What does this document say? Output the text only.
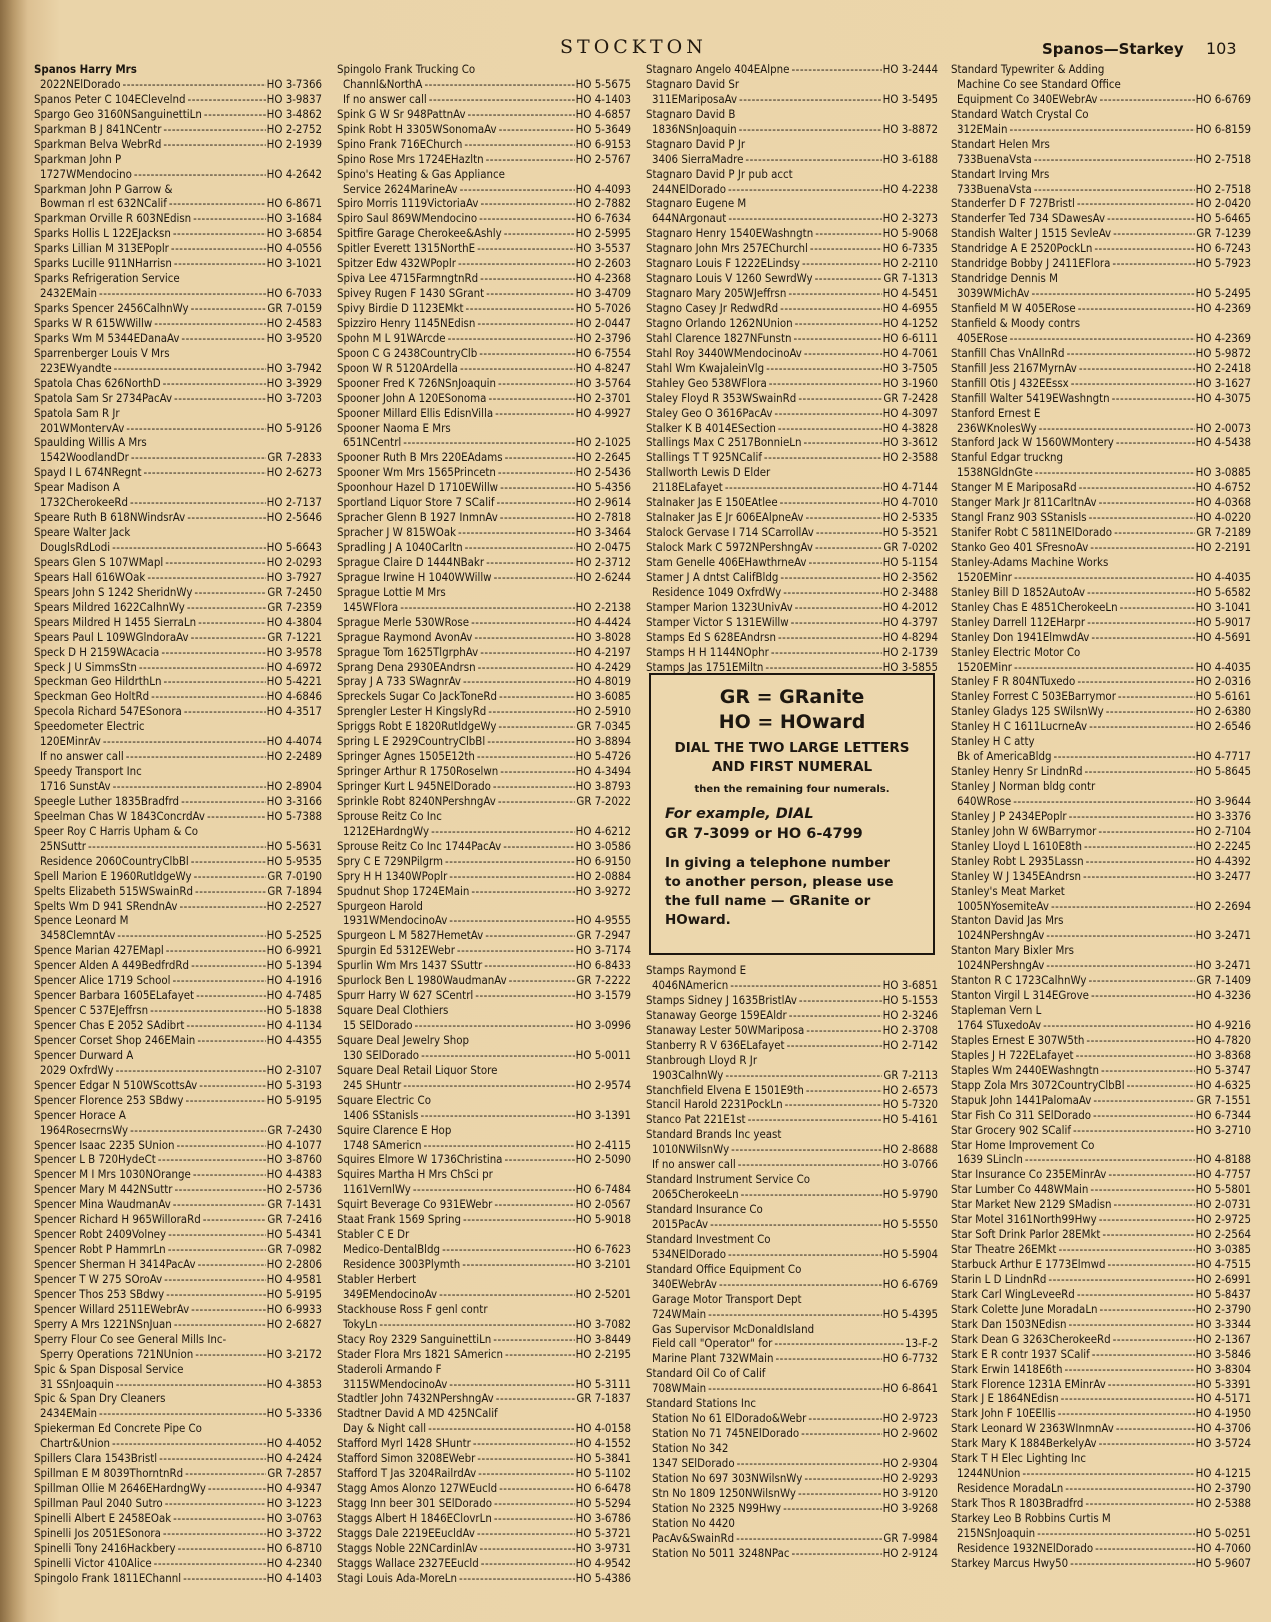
STOCKTON	Spanos—Starkey 103
Spanos Harry Mrs
2022NElDorado -----	HO 3-7366
Spanos Peter C 104EClevelnd -----	HO 3-9837
Spargo Geo 3160NSanguinettiLn -----	HO 3-4862
Sparkman B J 841NCentr -----	HO 2-2752
Sparkman Belva WebrRd -----	HO 2-1939
Sparkman John P
1727WMendocino -----	HO 4-2642
Sparkman John P Garrow &
Bowman rl est 632NCalif -----	HO 6-8671
Sparkman Orville R 603NEdisn -----	HO 3-1684
Sparks Hollis L 122EJacksn -----	HO 3-6854
Sparks Lillian M 313EPoplr -----	HO 4-0556
Sparks Lucille 911NHarrisn -----	HO 3-1021
Sparks Refrigeration Service
2432EMain -----	HO 6-7033
Sparks Spencer 2456CalhnWy -----	GR 7-0159
Sparks W R 615WWillw -----	HO 2-4583
Sparks Wm M 5344EDanaAv -----	HO 3-9520
Sparrenberger Louis V Mrs
223EWyandte -----	HO 3-7942
Spatola Chas 626NorthD -----	HO 3-3929
Spatola Sam Sr 2734PacAv -----	HO 3-7203
Spatola Sam R Jr
201WMontervAv -----	HO 5-9126
Spaulding Willis A Mrs
1542WoodlandDr -----	GR 7-2833
Spayd I L 674NRegnt -----	HO 2-6273
Spear Madison A
1732CherokeeRd -----	HO 2-7137
Speare Ruth B 618NWindsrAv -----	HO 2-5646
Speare Walter Jack
DouglsRdLodi -----	HO 5-6643
Spears Glen S 107WMapl -----	HO 2-0293
Spears Hall 616WOak -----	HO 3-7927
Spears John S 1242 SheridnWy -----	GR 7-2450
Spears Mildred 1622CalhnWy -----	GR 7-2359
Spears Mildred H 1455 SierraLn -----	HO 4-3804
Spears Paul L 109WGlndoraAv -----	GR 7-1221
Speck D H 2159WAcacia -----	HO 3-9578
Speck J U SimmsStn -----	HO 4-6972
Speckman Geo HildrthLn -----	HO 5-4221
Speckman Geo HoltRd -----	HO 4-6846
Specola Richard 547ESonora -----	HO 4-3517
Speedometer Electric
120EMinrAv -----	HO 4-4074
If no answer call -----	HO 2-2489
Speedy Transport Inc
1716 SunstAv -----	HO 2-8904
Speegle Luther 1835Bradfrd -----	HO 3-3166
Speelman Chas W 1843ConcrdAv -----	HO 5-7388
Speer Roy C Harris Upham & Co
25NSuttr -----	HO 5-5631
Residence 2060CountryClbBl -----	HO 5-9535
Spell Marion E 1960RutldgeWy -----	GR 7-0190
Spelts Elizabeth 515WSwainRd -----	GR 7-1894
Spelts Wm D 941 SRendnAv -----	HO 2-2527
Spence Leonard M
3458ClemntAv -----	HO 5-2525
Spence Marian 427EMapl -----	HO 6-9921
Spencer Alden A 449BedfrdRd -----	HO 5-1394
Spencer Alice 1719 School -----	HO 4-1916
Spencer Barbara 1605ELafayet -----	HO 4-7485
Spencer C 537EJeffrsn -----	HO 5-1838
Spencer Chas E 2052 SAdibrt -----	HO 4-1134
Spencer Corset Shop 246EMain -----	HO 4-4355
Spencer Durward A
2029 OxfrdWy -----	HO 2-3107
Spencer Edgar N 510WScottsAv -----	HO 5-3193
Spencer Florence 253 SBdwy -----	HO 5-9195
Spencer Horace A
1964RosecrnsWy -----	GR 7-2430
Spencer Isaac 2235 SUnion -----	HO 4-1077
Spencer L B 720HydeCt -----	HO 3-8760
Spencer M I Mrs 1030NOrange -----	HO 4-4383
Spencer Mary M 442NSuttr -----	HO 2-5736
Spencer Mina WaudmanAv -----	GR 7-1431
Spencer Richard H 965WilloraRd -----	GR 7-2416
Spencer Robt 2409Volney -----	HO 5-4341
Spencer Robt P HammrLn -----	GR 7-0982
Spencer Sherman H 3414PacAv -----	HO 2-2806
Spencer T W 275 SOroAv -----	HO 4-9581
Spencer Thos 253 SBdwy -----	HO 5-9195
Spencer Willard 2511EWebrAv -----	HO 6-9933
Sperry A Mrs 1221NSnJuan -----	HO 2-6827
Sperry Flour Co see General Mills Inc-
Sperry Operations 721NUnion -----	HO 3-2172
Spic & Span Disposal Service
31 SSnJoaquin -----	HO 4-3853
Spic & Span Dry Cleaners
2434EMain -----	HO 5-3336
Spiekerman Ed Concrete Pipe Co
Chartr&Union -----	HO 4-4052
Spillers Clara 1543Bristl -----	HO 4-2424
Spillman E M 8039ThorntnRd -----	GR 7-2857
Spillman Ollie M 2646EHardngWy -----	HO 4-9347
Spillman Paul 2040 Sutro -----	HO 3-1223
Spinelli Albert E 2458EOak -----	HO 3-0763
Spinelli Jos 2051ESonora -----	HO 3-3722
Spinelli Tony 2416Hackbery -----	HO 6-8710
Spinelli Victor 410Alice -----	HO 4-2340
Spingolo Frank 1811EChannl -----	HO 4-1403
Spingolo Frank Trucking Co
Channl&NorthA -----	HO 5-5675
If no answer call -----	HO 4-1403
Spink G W Sr 948PattnAv -----	HO 4-6857
Spink Robt H 3305WSonomaAv -----	HO 5-3649
Spino Frank 716EChurch -----	HO 6-9153
Spino Rose Mrs 1724EHazltn -----	HO 2-5767
Spino's Heating & Gas Appliance
Service 2624MarineAv -----	HO 4-4093
Spiro Morris 1119VictoriaAv -----	HO 2-7882
Spiro Saul 869WMendocino -----	HO 6-7634
Spitfire Garage Cherokee&Ashly -----	HO 2-5995
Spitler Everett 1315NorthE -----	HO 3-5537
Spitzer Edw 432WPoplr -----	HO 2-2603
Spiva Lee 4715FarmngtnRd -----	HO 4-2368
Spivey Rugen F 1430 SGrant -----	HO 3-4709
Spivy Birdie D 1123EMkt -----	HO 5-7026
Spizziro Henry 1145NEdisn -----	HO 2-0447
Spohn M L 91WArcde -----	HO 2-3796
Spoon C G 2438CountryClb -----	HO 6-7554
Spoon W R 5120Ardella -----	HO 4-8247
Spooner Fred K 726NSnJoaquin -----	HO 3-5764
Spooner John A 120ESonoma -----	HO 2-3701
Spooner Millard Ellis EdisnVilla -----	HO 4-9927
Spooner Naoma E Mrs
651NCentrl -----	HO 2-1025
Spooner Ruth B Mrs 220EAdams -----	HO 2-2645
Spooner Wm Mrs 1565Princetn -----	HO 2-5436
Spoonhour Hazel D 1710EWillw -----	HO 5-4356
Sportland Liquor Store 7 SCalif -----	HO 2-9614
Spracher Glenn B 1927 InmnAv -----	HO 2-7818
Spracher J W 815WOak -----	HO 3-3464
Spradling J A 1040Carltn -----	HO 2-0475
Sprague Claire D 1444NBakr -----	HO 2-3712
Sprague Irwine H 1040WWillw -----	HO 2-6244
Sprague Lottie M Mrs
145WFlora -----	HO 2-2138
Sprague Merle 530WRose -----	HO 4-4424
Sprague Raymond AvonAv -----	HO 3-8028
Sprague Tom 1625TlgrphAv -----	HO 4-2197
Sprang Dena 2930EAndrsn -----	HO 4-2429
Spray J A 733 SWagnrAv -----	HO 4-8019
Spreckels Sugar Co JackToneRd -----	HO 3-6085
Sprengler Lester H KingslyRd -----	HO 2-5910
Spriggs Robt E 1820RutldgeWy -----	GR 7-0345
Spring L E 2929CountryClbBl -----	HO 3-8894
Springer Agnes 1505E12th -----	HO 5-4726
Springer Arthur R 1750Roselwn -----	HO 4-3494
Springer Kurt L 945NElDorado -----	HO 3-8793
Sprinkle Robt 8240NPershngAv -----	GR 7-2022
Sprouse Reitz Co Inc
1212EHardngWy -----	HO 4-6212
Sprouse Reitz Co Inc 1744PacAv -----	HO 3-0586
Spry C E 729NPilgrm -----	HO 6-9150
Spry H H 1340WPoplr -----	HO 2-0884
Spudnut Shop 1724EMain -----	HO 3-9272
Spurgeon Harold
1931WMendocinoAv -----	HO 4-9555
Spurgeon L M 5827HemetAv -----	GR 7-2947
Spurgin Ed 5312EWebr -----	HO 3-7174
Spurlin Wm Mrs 1437 SSuttr -----	HO 6-8433
Spurlock Ben L 1980WaudmanAv -----	GR 7-2222
Spurr Harry W 627 SCentrl -----	HO 3-1579
Square Deal Clothiers
15 SElDorado -----	HO 3-0996
Square Deal Jewelry Shop
130 SElDorado -----	HO 5-0011
Square Deal Retail Liquor Store
245 SHuntr -----	HO 2-9574
Square Electric Co
1406 SStanisls -----	HO 3-1391
Squire Clarence E Hop
1748 SAmericn -----	HO 2-4115
Squires Elmore W 1736Christina -----	HO 2-5090
Squires Martha H Mrs ChSci pr
1161VernlWy -----	HO 6-7484
Squirt Beverage Co 931EWebr -----	HO 2-0567
Staat Frank 1569 Spring -----	HO 5-9018
Stabler C E Dr
Medico-DentalBldg -----	HO 6-7623
Residence 3003Plymth -----	HO 3-2101
Stabler Herbert
349EMendocinoAv -----	HO 2-5201
Stackhouse Ross F genl contr
TokyLn -----	HO 3-7082
Stacy Roy 2329 SanguinettiLn -----	HO 3-8449
Stader Flora Mrs 1821 SAmericn -----	HO 2-2195
Staderoli Armando F
3115WMendocinoAv -----	HO 5-3111
Stadtler John 7432NPershngAv -----	GR 7-1837
Stadtner David A MD 425NCalif
Day & Night call -----	HO 4-0158
Stafford Myrl 1428 SHuntr -----	HO 4-1552
Stafford Simon 3208EWebr -----	HO 5-3841
Stafford T Jas 3204RailrdAv -----	HO 5-1102
Stagg Amos Alonzo 127WEucld -----	HO 6-6478
Stagg Inn beer 301 SElDorado -----	HO 5-5294
Staggs Albert H 1846EClovrLn -----	HO 3-6786
Staggs Dale 2219EEucldAv -----	HO 5-3721
Staggs Noble 22NCardinlAv -----	HO 3-9731
Staggs Wallace 2327EEucld -----	HO 4-9542
Stagi Louis Ada-MoreLn -----	HO 5-4386
Stagnaro Angelo 404EAlpne -----	HO 3-2444
Stagnaro David Sr
311EMariposaAv -----	HO 3-5495
Stagnaro David B
1836NSnJoaquin -----	HO 3-8872
Stagnaro David P Jr
3406 SierraMadre -----	HO 3-6188
Stagnaro David P Jr pub acct
244NElDorado -----	HO 4-2238
Stagnaro Eugene M
644NArgonaut -----	HO 2-3273
Stagnaro Henry 1540EWashngtn -----	HO 5-9068
Stagnaro John Mrs 257EChurchl -----	HO 6-7335
Stagnaro Louis F 1222ELindsy -----	HO 2-2110
Stagnaro Louis V 1260 SewrdWy -----	GR 7-1313
Stagnaro Mary 205WJeffrsn -----	HO 4-5451
Stagno Casey Jr RedwdRd -----	HO 4-6955
Stagno Orlando 1262NUnion -----	HO 4-1252
Stahl Clarence 1827NFunstn -----	HO 6-6111
Stahl Roy 3440WMendocinoAv -----	HO 4-7061
Stahl Wm KwajaleinVlg -----	HO 3-7505
Stahley Geo 538WFlora -----	HO 3-1960
Staley Floyd R 353WSwainRd -----	GR 7-2428
Staley Geo O 3616PacAv -----	HO 4-3097
Stalker K B 4014ESection -----	HO 4-3828
Stallings Max C 2517BonnieLn -----	HO 3-3612
Stallings T T 925NCalif -----	HO 2-3588
Stallworth Lewis D Elder
2118ELafayet -----	HO 4-7144
Stalnaker Jas E 150EAtlee -----	HO 4-7010
Stalnaker Jas E Jr 606EAlpneAv -----	HO 2-5335
Stalock Gervase I 714 SCarrollAv -----	HO 5-3521
Stalock Mark C 5972NPershngAv -----	GR 7-0202
Stam Genelle 406EHawthrneAv -----	HO 5-1154
Stamer J A dntst CalifBldg -----	HO 2-3562
Residence 1049 OxfrdWy -----	HO 2-3488
Stamper Marion 1323UnivAv -----	HO 4-2012
Stamper Victor S 131EWillw -----	HO 4-3797
Stamps Ed S 628EAndrsn -----	HO 4-8294
Stamps H H 1144NOphr -----	HO 2-1739
Stamps Jas 1751EMiltn -----	HO 3-5855
GR = GRanite
HO = HOward
DIAL THE TWO LARGE LETTERS
AND FIRST NUMERAL
then the remaining four numerals.
For example, DIAL
GR 7-3099 or HO 6-4799
In giving a telephone number
to another person, please use
the full name — GRanite or
HOward.
Stamps Raymond E
4046NAmericn -----	HO 3-6851
Stamps Sidney J 1635BristlAv -----	HO 5-1553
Stanaway George 159EAldr -----	HO 2-3246
Stanaway Lester 50WMariposa -----	HO 2-3708
Stanberry R V 636ELafayet -----	HO 2-7142
Stanbrough Lloyd R Jr
1903CalhnWy -----	GR 7-2113
Stanchfield Elvena E 1501E9th -----	HO 2-6573
Stancil Harold 2231PockLn -----	HO 5-7320
Stanco Pat 221E1st -----	HO 5-4161
Standard Brands Inc yeast
1010NWilsnWy -----	HO 2-8688
If no answer call -----	HO 3-0766
Standard Instrument Service Co
2065CherokeeLn -----	HO 5-9790
Standard Insurance Co
2015PacAv -----	HO 5-5550
Standard Investment Co
534NElDorado -----	HO 5-5904
Standard Office Equipment Co
340EWebrAv -----	HO 6-6769
Garage Motor Transport Dept
724WMain -----	HO 5-4395
Gas Supervisor McDonaldIsland
Field call "Operator" for -----	13-F-2
Marine Plant 732WMain -----	HO 6-7732
Standard Oil Co of Calif
708WMain -----	HO 6-8641
Standard Stations Inc
Station No 61 ElDorado&Webr -----	HO 2-9723
Station No 71 745NElDorado -----	HO 2-9602
Station No 342
1347 SElDorado -----	HO 2-9304
Station No 697 303NWilsnWy -----	HO 2-9293
Stn No 1809 1250NWilsnWy -----	HO 3-9120
Station No 2325 N99Hwy -----	HO 3-9268
Station No 4420
PacAv&SwainRd -----	GR 7-9984
Station No 5011 3248NPac -----	HO 2-9124
Standard Typewriter & Adding
Machine Co see Standard Office
Equipment Co 340EWebrAv -----	HO 6-6769
Standard Watch Crystal Co
312EMain -----	HO 6-8159
Standart Helen Mrs
733BuenaVsta -----	HO 2-7518
Standart Irving Mrs
733BuenaVsta -----	HO 2-7518
Standerfer D F 727Bristl -----	HO 2-0420
Standerfer Ted 734 SDawesAv -----	HO 5-6465
Standish Walter J 1515 SevleAv -----	GR 7-1239
Standridge A E 2520PockLn -----	HO 6-7243
Standridge Bobby J 2411EFlora -----	HO 5-7923
Standridge Dennis M
3039WMichAv -----	HO 5-2495
Stanfield M W 405ERose -----	HO 4-2369
Stanfield & Moody contrs
405ERose -----	HO 4-2369
Stanfill Chas VnAllnRd -----	HO 5-9872
Stanfill Jess 2167MyrnAv -----	HO 2-2418
Stanfill Otis J 432EEssx -----	HO 3-1627
Stanfill Walter 5419EWashngtn -----	HO 4-3075
Stanford Ernest E
236WKnolesWy -----	HO 2-0073
Stanford Jack W 1560WMontery -----	HO 4-5438
Stanful Edgar truckng
1538NGldnGte -----	HO 3-0885
Stanger M E MariposaRd -----	HO 4-6752
Stanger Mark Jr 811CarltnAv -----	HO 4-0368
Stangl Franz 903 SStanisls -----	HO 4-0220
Stanifer Robt C 5811NElDorado -----	GR 7-2189
Stanko Geo 401 SFresnoAv -----	HO 2-2191
Stanley-Adams Machine Works
1520EMinr -----	HO 4-4035
Stanley Bill D 1852AutoAv -----	HO 5-6582
Stanley Chas E 4851CherokeeLn -----	HO 3-1041
Stanley Darrell 112EHarpr -----	HO 5-9017
Stanley Don 1941ElmwdAv -----	HO 4-5691
Stanley Electric Motor Co
1520EMinr -----	HO 4-4035
Stanley F R 804NTuxedo -----	HO 2-0316
Stanley Forrest C 503EBarrymor -----	HO 5-6161
Stanley Gladys 125 SWilsnWy -----	HO 2-6380
Stanley H C 1611LucrneAv -----	HO 2-6546
Stanley H C atty
Bk of AmericaBldg -----	HO 4-7717
Stanley Henry Sr LindnRd -----	HO 5-8645
Stanley J Norman bldg contr
640WRose -----	HO 3-9644
Stanley J P 2434EPoplr -----	HO 3-3376
Stanley John W 6WBarrymor -----	HO 2-7104
Stanley Lloyd L 1610E8th -----	HO 2-2245
Stanley Robt L 2935Lassn -----	HO 4-4392
Stanley W J 1345EAndrsn -----	HO 3-2477
Stanley's Meat Market
1005NYosemiteAv -----	HO 2-2694
Stanton David Jas Mrs
1024NPershngAv -----	HO 3-2471
Stanton Mary Bixler Mrs
1024NPershngAv -----	HO 3-2471
Stanton R C 1723CalhnWy -----	GR 7-1409
Stanton Virgil L 314EGrove -----	HO 4-3236
Stapleman Vern L
1764 STuxedoAv -----	HO 4-9216
Staples Ernest E 307W5th -----	HO 4-7820
Staples J H 722ELafayet -----	HO 3-8368
Staples Wm 2440EWashngtn -----	HO 5-3747
Stapp Zola Mrs 3072CountryClbBl -----	HO 4-6325
Stapuk John 1441PalomaAv -----	GR 7-1551
Star Fish Co 311 SElDorado -----	HO 6-7344
Star Grocery 902 SCalif -----	HO 3-2710
Star Home Improvement Co
1639 SLincln -----	HO 4-8188
Star Insurance Co 235EMinrAv -----	HO 4-7757
Star Lumber Co 448WMain -----	HO 5-5801
Star Market New 2129 SMadisn -----	HO 2-0731
Star Motel 3161North99Hwy -----	HO 2-9725
Star Soft Drink Parlor 28EMkt -----	HO 2-2564
Star Theatre 26EMkt -----	HO 3-0385
Starbuck Arthur E 1773Elmwd -----	HO 4-7515
Starin L D LindnRd -----	HO 2-6991
Stark Carl WingLeveeRd -----	HO 5-8437
Stark Colette June MoradaLn -----	HO 2-3790
Stark Dan 1503NEdisn -----	HO 3-3344
Stark Dean G 3263CherokeeRd -----	HO 2-1367
Stark E R contr 1937 SCalif -----	HO 3-5846
Stark Erwin 1418E6th -----	HO 3-8304
Stark Florence 1231A EMinrAv -----	HO 5-3391
Stark J E 1864NEdisn -----	HO 4-5171
Stark John F 10EEllis -----	HO 4-1950
Stark Leonard W 2363WInmnAv -----	HO 4-3706
Stark Mary K 1884BerkelyAv -----	HO 3-5724
Stark T H Elec Lighting Inc
1244NUnion -----	HO 4-1215
Residence MoradaLn -----	HO 2-3790
Stark Thos R 1803Bradfrd -----	HO 2-5388
Starkey Leo B Robbins Curtis M
215NSnJoaquin -----	HO 5-0251
Residence 1932NElDorado -----	HO 4-7060
Starkey Marcus Hwy50 -----	HO 5-9607
